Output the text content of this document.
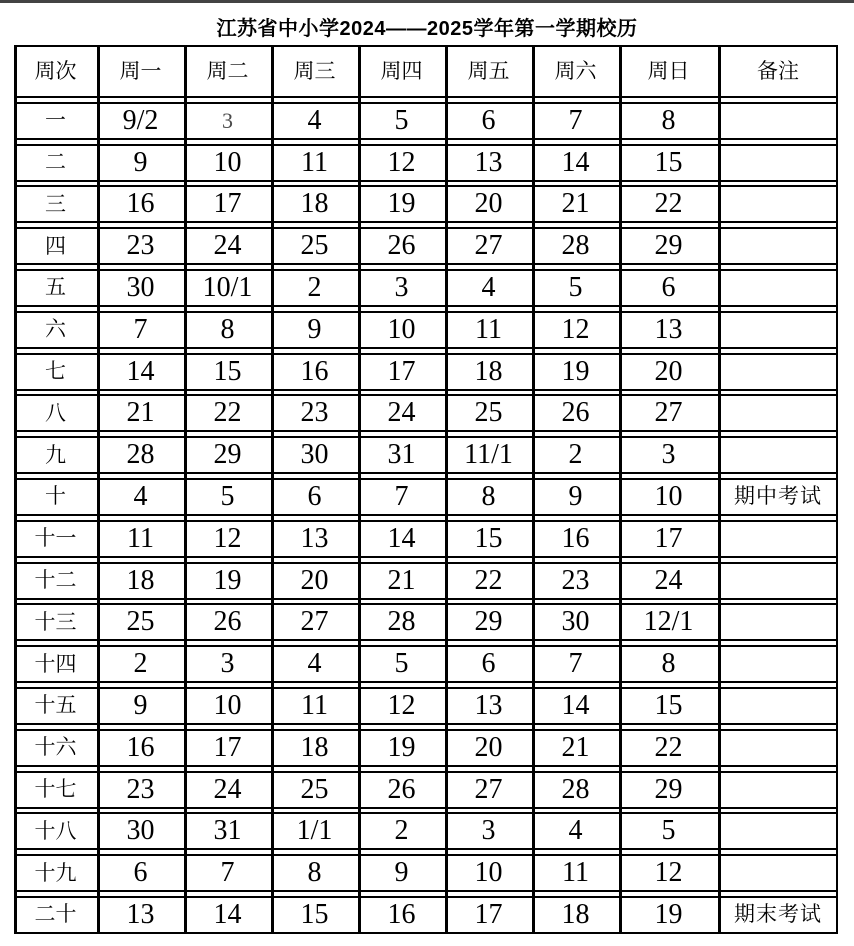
江苏省中小学2024——2025学年第一学期校历
周次	周一	周二	周三	周四	周五	周六	周日	备注
一	9/2	3	4	5	6	7	8
二	9	10	11	12	13	14	15
三	16	17	18	19	20	21	22
四	23	24	25	26	27	28	29
五	30	10/1	2	3	4	5	6
六	7	8	9	10	11	12	13
七	14	15	16	17	18	19	20
八	21	22	23	24	25	26	27
九	28	29	30	31	11/1	2	3
十	4	5	6	7	8	9	10	期中考试
十一	11	12	13	14	15	16	17
十二	18	19	20	21	22	23	24
十三	25	26	27	28	29	30	12/1
十四	2	3	4	5	6	7	8
十五	9	10	11	12	13	14	15
十六	16	17	18	19	20	21	22
十七	23	24	25	26	27	28	29
十八	30	31	1/1	2	3	4	5
十九	6	7	8	9	10	11	12
二十	13	14	15	16	17	18	19	期末考试
